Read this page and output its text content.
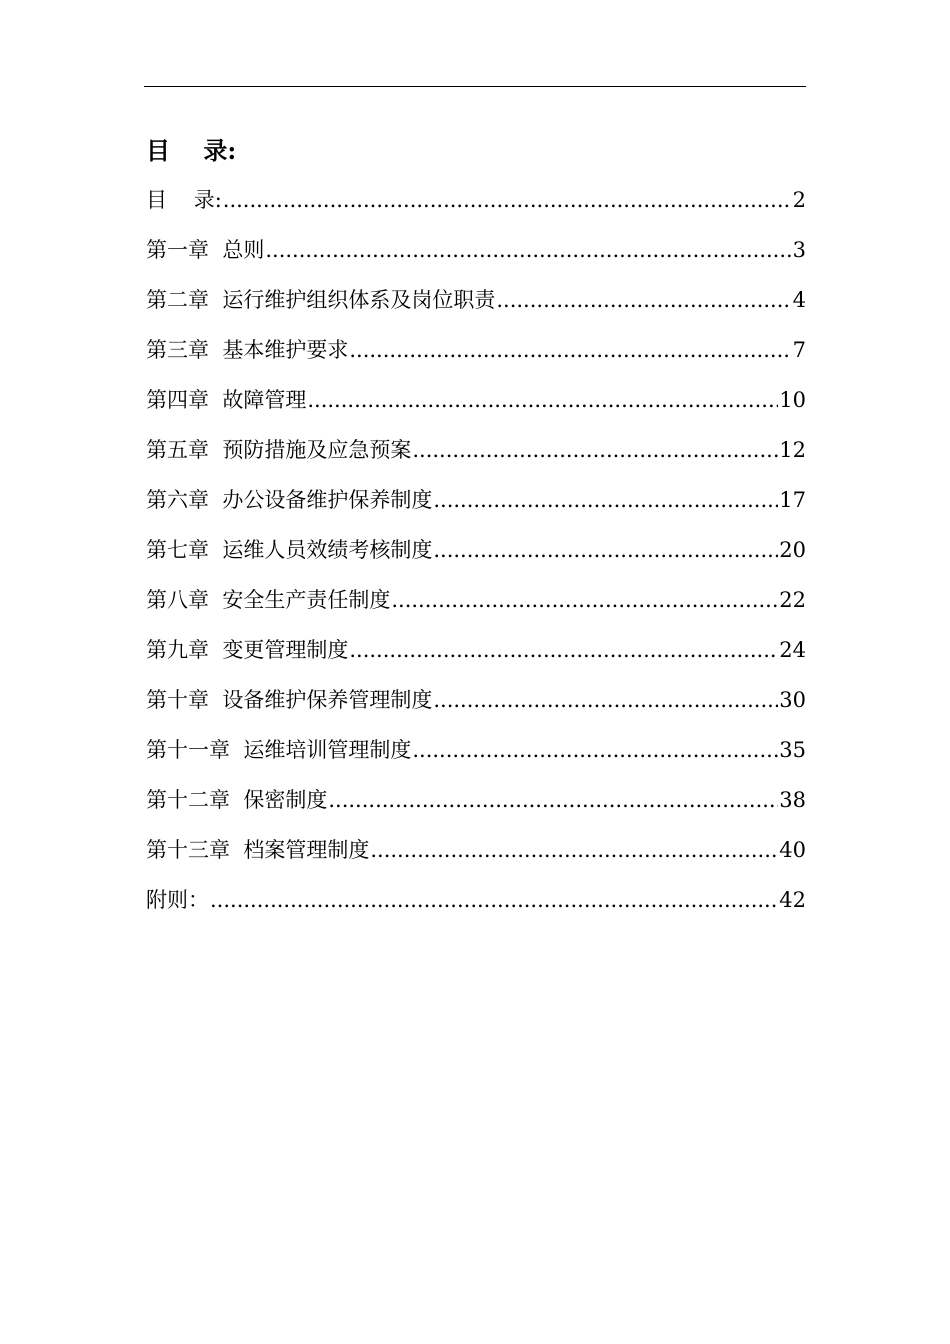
目    录:
目    录: .....	2
第一章  总则 .....	3
第二章  运行维护组织体系及岗位职责 .....	4
第三章  基本维护要求 .....	7
第四章  故障管理 .....	10
第五章  预防措施及应急预案 .....	12
第六章  办公设备维护保养制度 .....	17
第七章  运维人员效绩考核制度 .....	20
第八章  安全生产责任制度 .....	22
第九章  变更管理制度 .....	24
第十章  设备维护保养管理制度 .....	30
第十一章  运维培训管理制度 .....	35
第十二章  保密制度 .....	38
第十三章  档案管理制度 .....	40
附则： .....	42
